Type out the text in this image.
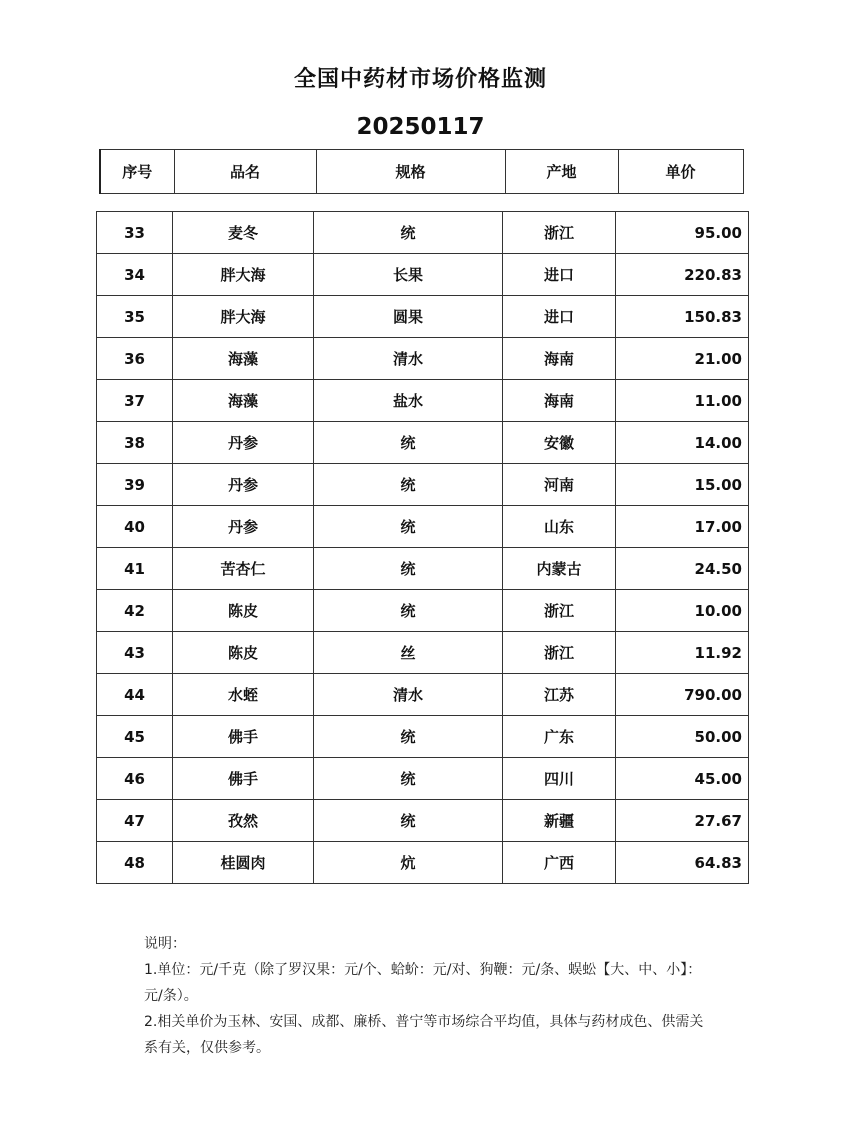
全国中药材市场价格监测
20250117
序号	品名	规格	产地	单价
33	麦冬	统	浙江	95.00
34	胖大海	长果	进口	220.83
35	胖大海	圆果	进口	150.83
36	海藻	清水	海南	21.00
37	海藻	盐水	海南	11.00
38	丹参	统	安徽	14.00
39	丹参	统	河南	15.00
40	丹参	统	山东	17.00
41	苦杏仁	统	内蒙古	24.50
42	陈皮	统	浙江	10.00
43	陈皮	丝	浙江	11.92
44	水蛭	清水	江苏	790.00
45	佛手	统	广东	50.00
46	佛手	统	四川	45.00
47	孜然	统	新疆	27.67
48	桂圆肉	炕	广西	64.83

说明：

1.单位：元/千克（除了罗汉果：元/个、蛤蚧：元/对、狗鞭：元/条、蜈蚣【大、中、小】：元/条）。

2.相关单价为玉林、安国、成都、廉桥、普宁等市场综合平均值，具体与药材成色、供需关系有关，仅供参考。
